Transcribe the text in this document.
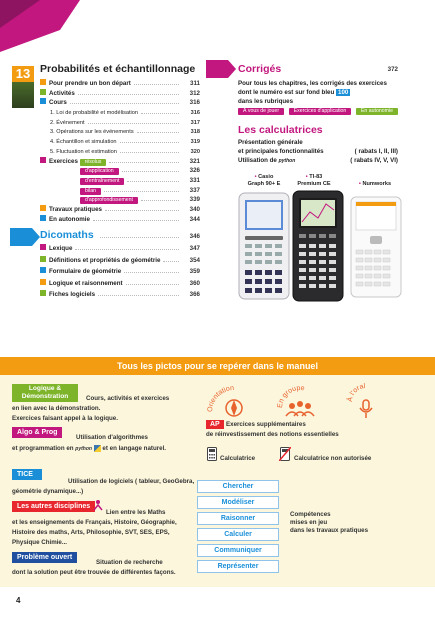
13 Probabilités et échantillonnage
Pour prendre un bon départ	311
Activités	312
Cours	316
1. Loi de probabilité et modélisation	316
2. Événement	317
3. Opérations sur les événements	318
4. Échantillon et simulation	319
5. Fluctuation et estimation	320
Exercices
	résolus	321
d'application	326
d'entraînement	331
bilan	337
d'approfondissement	339
Travaux pratiques	340
En autonomie	344
Dicomaths	346
Lexique	347
Définitions et propriétés de géométrie	354
Formulaire de géométrie	359
Logique et raisonnement	360
Fiches logiciels	366
Corrigés	372
Pour tous les chapitres, les corrigés des exercices
dont le numéro est sur fond bleu 100
dans les rubriques
À vous de jouer	Exercices d'application	En autonomie
Les calculatrices
Présentation générale
et principales fonctionnalités	( rabats I, II, III)
Utilisation de python	( rabats IV, V, VI)
• Casio
Graph 90+ E
• TI-83
Premium CE	• Numworks
Tous les pictos pour se repérer dans le manuel
Logique &
Démonstration	Cours, activités et exercices
en lien avec la démonstration.
Exercices faisant appel à la logique.
Algo & Prog
Utilisation d'algorithmes
et programmation en python et en langage naturel.
TICE
Utilisation de logiciels ( tableur, GeoGebra,
géométrie dynamique...)
Les autres disciplines
Lien entre les Maths
et les enseignements de Français, Histoire, Géographie,
Histoire des maths, Arts, Philosophie, SVT, SES, EPS,
Physique Chimie...
Problème ouvert
Situation de recherche
dont la solution peut être trouvée de différentes façons.
Orientation
En groupe
À l'oral
AP	Exercices supplémentaires
de réinvestissement des notions essentielles
Calculatrice	Calculatrice non autorisée
Chercher
Modéliser
Raisonner
Calculer
Communiquer
Représenter
Compétences
mises en jeu
dans les travaux pratiques
4
